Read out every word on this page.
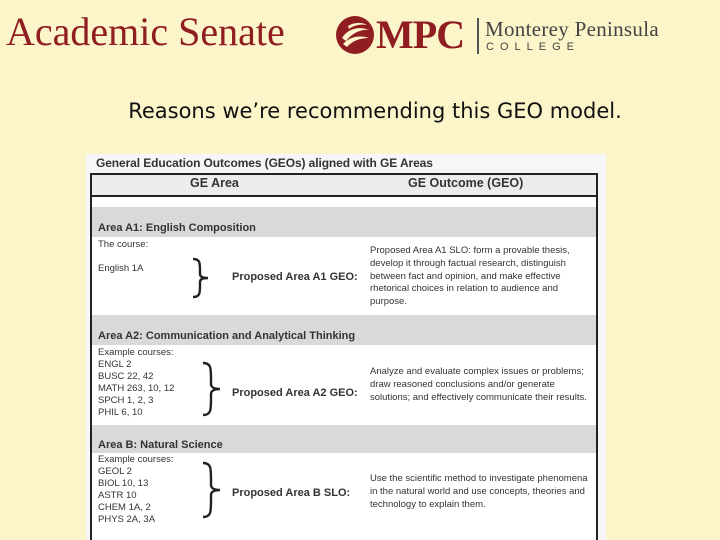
Academic Senate MPC Monterey Peninsula
COLLEGE
Reasons we’re recommending this GEO model.
General Education Outcomes (GEOs) aligned with GE Areas
GE Area	GE Outcome (GEO)
Area A1: English Composition
The course:
English 1A
Proposed Area A1 GEO:
Proposed Area A1 SLO: form a provable thesis, develop it through factual research, distinguish between fact and opinion, and make effective rhetorical choices in relation to audience and purpose.
Area A2: Communication and Analytical Thinking
Example courses:
ENGL 2
BUSC 22, 42
MATH 263, 10, 12
SPCH 1, 2, 3
PHIL 6, 10
Proposed Area A2 GEO:
Analyze and evaluate complex issues or problems; draw reasoned conclusions and/or generate solutions; and effectively communicate their results.
Area B: Natural Science
Example courses:
GEOL 2
BIOL 10, 13
ASTR 10
CHEM 1A, 2
PHYS 2A, 3A
Proposed Area B SLO:
Use the scientific method to investigate phenomena in the natural world and use concepts, theories and technology to explain them.
